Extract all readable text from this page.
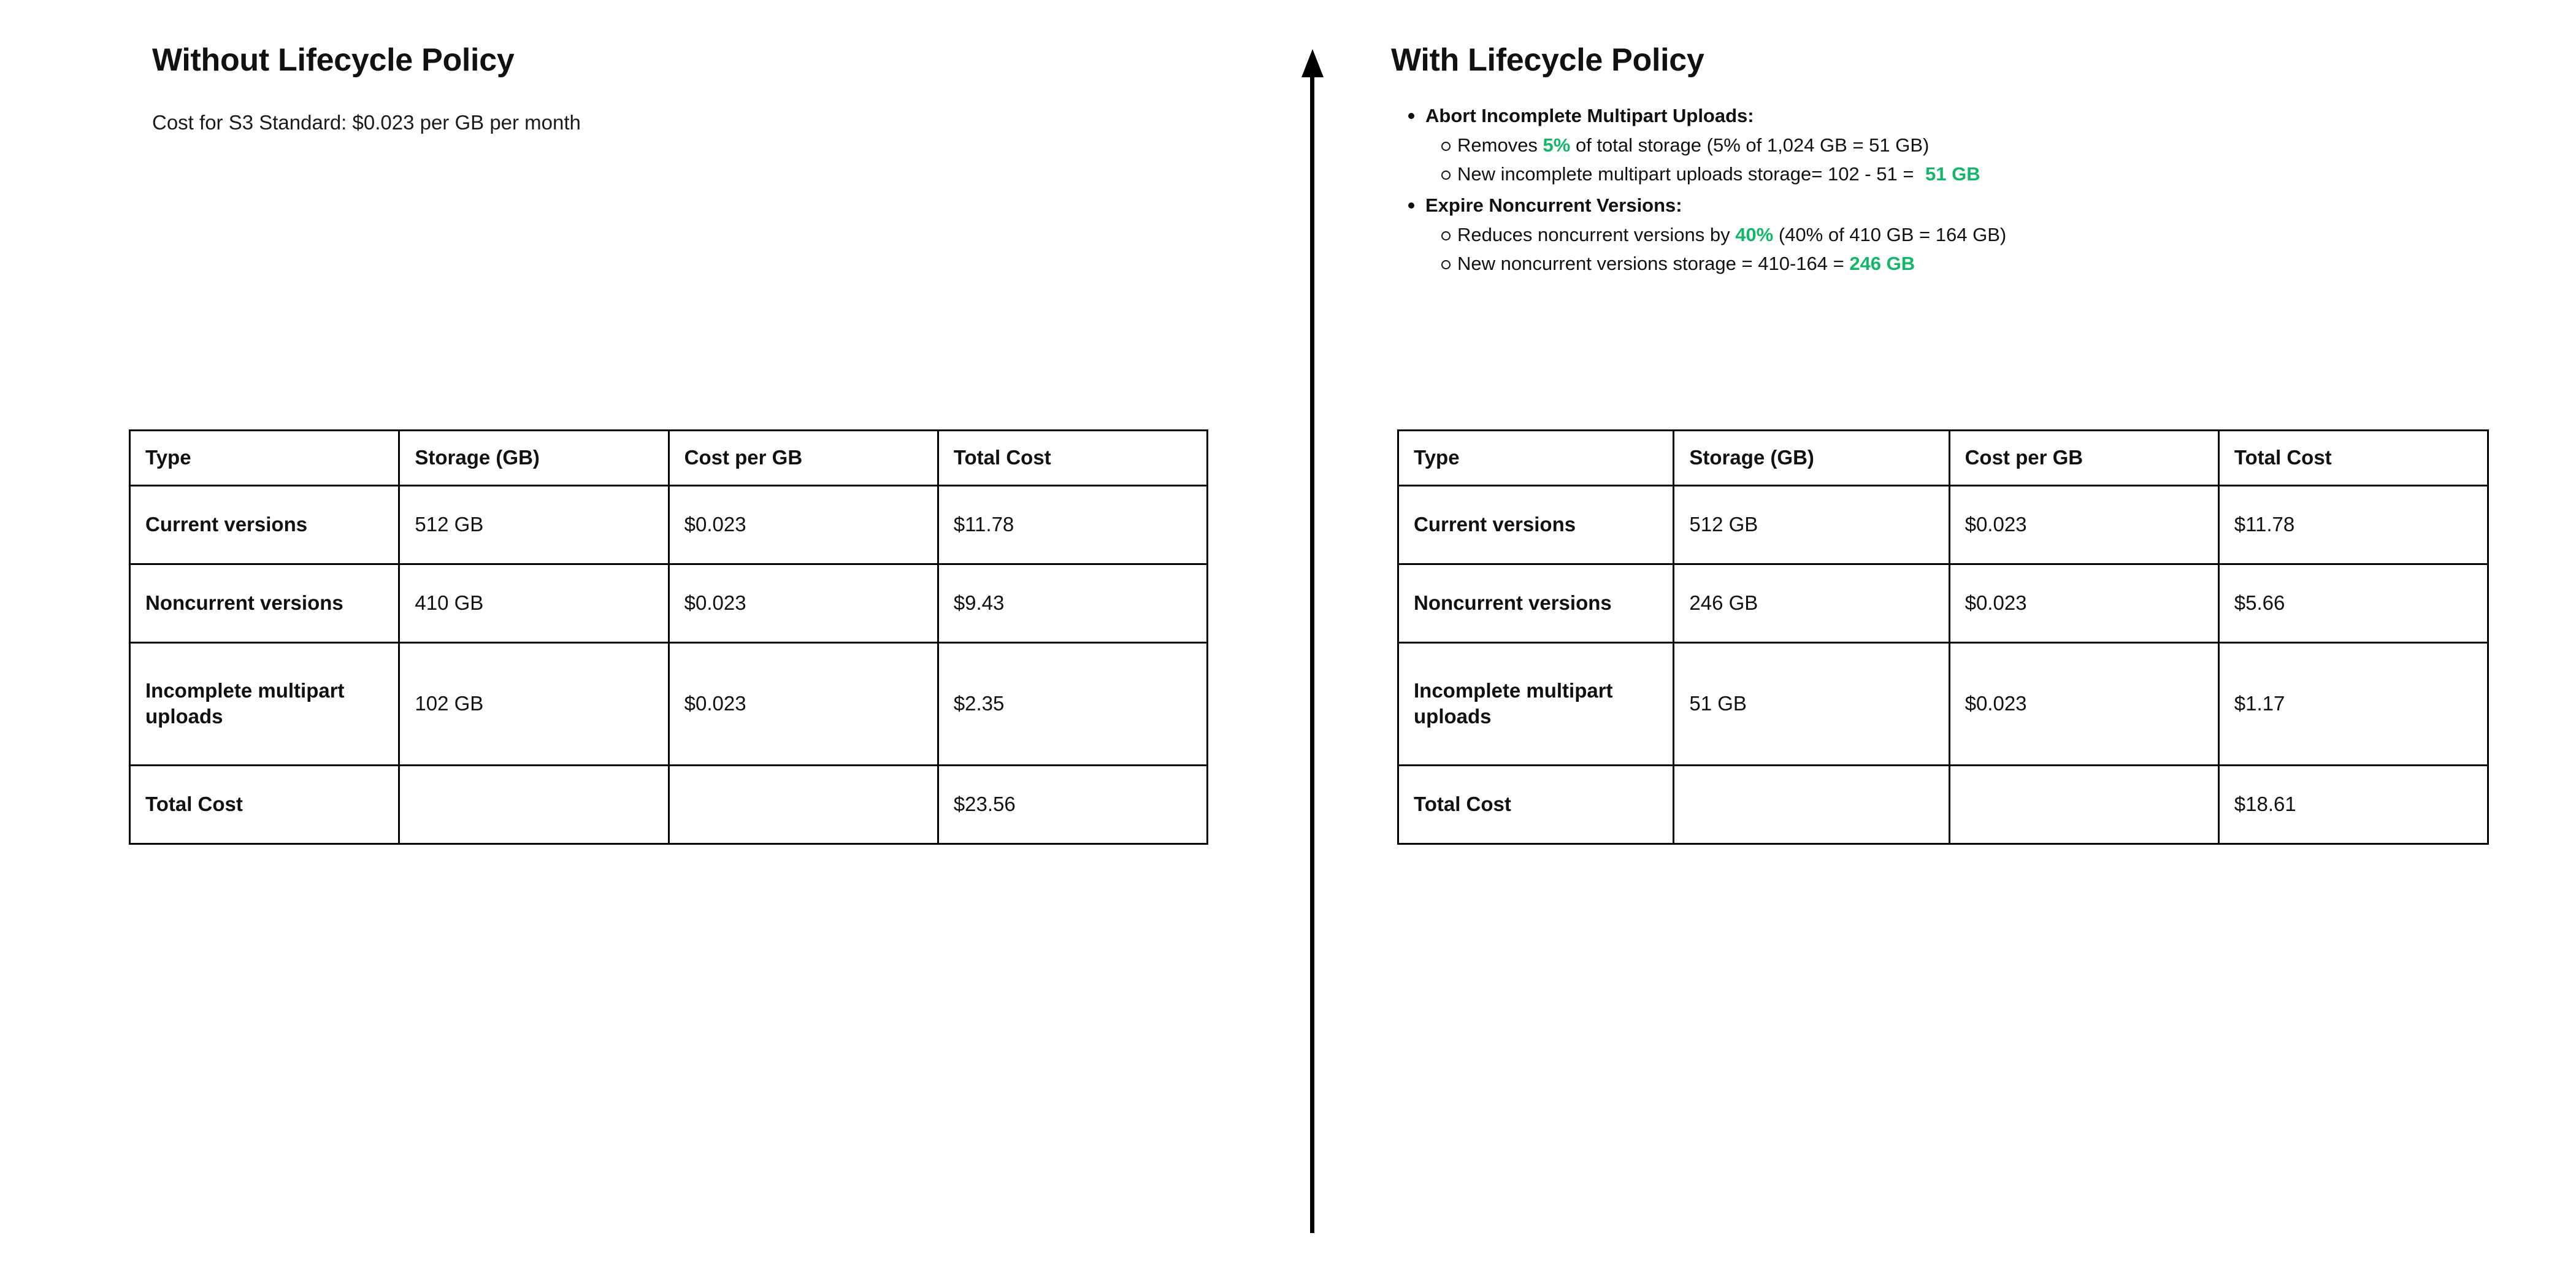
Without Lifecycle Policy
Cost for S3 Standard: $0.023 per GB per month
Type	Storage (GB)	Cost per GB	Total Cost
Current versions	512 GB	$0.023	$11.78
Noncurrent versions	410 GB	$0.023	$9.43
Incomplete multipart uploads	102 GB	$0.023	$2.35
Total Cost			$23.56
With Lifecycle Policy
Abort Incomplete Multipart Uploads:
Removes 5% of total storage (5% of 1,024 GB = 51 GB)
New incomplete multipart uploads storage= 102 - 51 = 51 GB
Expire Noncurrent Versions:
Reduces noncurrent versions by 40% (40% of 410 GB = 164 GB)
New noncurrent versions storage = 410-164 = 246 GB
Type	Storage (GB)	Cost per GB	Total Cost
Current versions	512 GB	$0.023	$11.78
Noncurrent versions	246 GB	$0.023	$5.66
Incomplete multipart uploads	51 GB	$0.023	$1.17
Total Cost			$18.61
